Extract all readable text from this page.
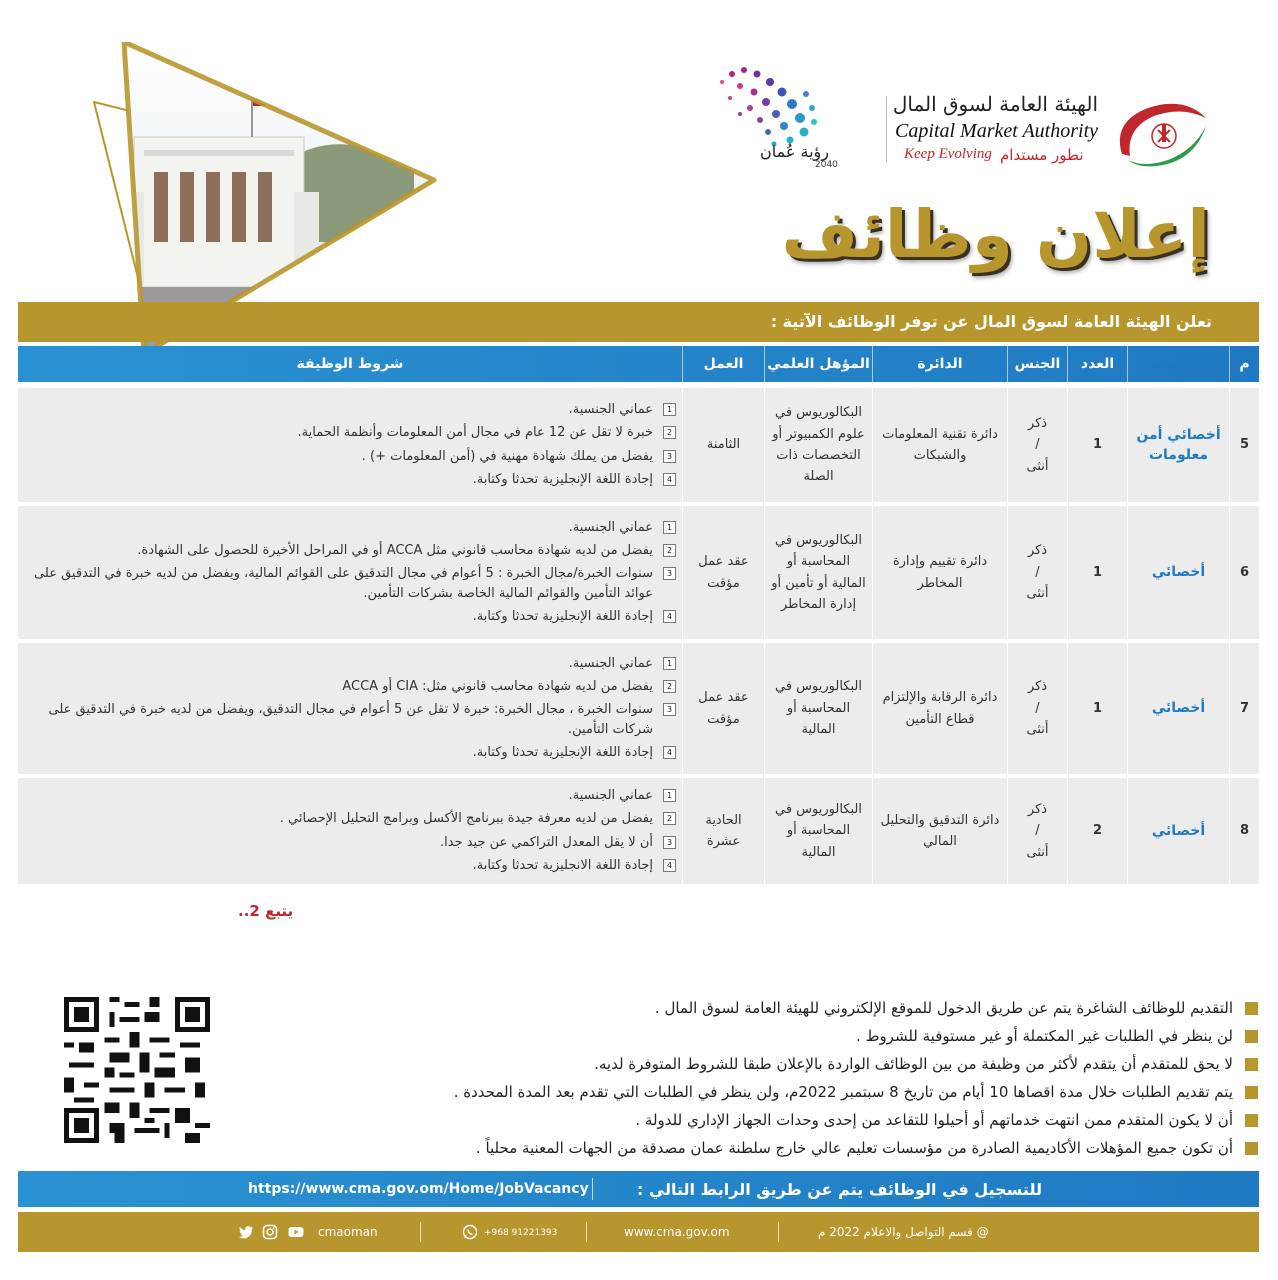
رؤية عُمان
2040
الهيئة العامة لسوق المال
Capital Market Authority
Keep Evolving نطور مستدام
إعلان وظائف
تعلن الهيئة العامة لسوق المال عن توفر الوظائف الآتية :
م
الوظيفة
العدد
الجنس
الدائرة
المؤهل العلمي
العمل
شروط الوظيفة
5
أخصائي أمن معلومات
1
ذكر
/
أنثى
دائرة تقنية المعلومات والشبكات
البكالوريوس في علوم الكمبيوتر أو التخصصات ذات الصلة
الثامنة
1
عماني الجنسية.
2
خبرة لا تقل عن 12 عام في مجال أمن المعلومات وأنظمة الحماية.
3
يفضل من يملك شهادة مهنية في (أمن المعلومات +) .
4
إجادة اللغة الإنجليزية تحدثا وكتابة.
6
أخصائي
1
ذكر
/
أنثى
دائرة تقييم وإدارة المخاطر
البكالوريوس في المحاسبة أو المالية أو تأمين أو إدارة المخاطر
عقد عمل مؤقت
1
عماني الجنسية.
2
يفضل من لديه شهادة محاسب قانوني مثل ACCA أو في المراحل الأخيرة للحصول على الشهادة.
3
سنوات الخبرة/مجال الخبرة : 5 أعوام في مجال التدقيق على القوائم المالية، ويفضل من لديه خبرة في التدقيق على عوائد التأمين والقوائم المالية الخاصة بشركات التأمين.
4
إجادة اللغة الإنجليزية تحدثا وكتابة.
7
أخصائي
1
ذكر
/
أنثى
دائرة الرقابة والإلتزام قطاع التأمين
البكالوريوس في المحاسبة أو المالية
عقد عمل مؤقت
1
عماني الجنسية.
2
يفضل من لديه شهادة محاسب قانوني مثل: CIA أو ACCA
3
سنوات الخبرة ، مجال الخبرة: خبرة لا تقل عن 5 أعوام في مجال التدقيق، ويفضل من لديه خبرة في التدقيق على شركات التأمين.
4
إجادة اللغة الإنجليزية تحدثا وكتابة.
8
أخصائي
2
ذكر
/
أنثى
دائرة التدقيق والتحليل المالي
البكالوريوس في المحاسبة أو المالية
الحادية عشرة
1
عماني الجنسية.
2
يفضل من لديه معرفة جيدة ببرنامج الأكسل وبرامج التحليل الإحصائي .
3
أن لا يقل المعدل التراكمي عن جيد جدا.
4
إجادة اللغة الانجليزية تحدثا وكتابة.
يتبع 2..
التقديم للوظائف الشاغرة يتم عن طريق الدخول للموقع الإلكتروني للهيئة العامة لسوق المال .
لن ينظر في الطلبات غير المكتملة أو غير مستوفية للشروط .
لا يحق للمتقدم أن يتقدم لأكثر من وظيفة من بين الوظائف الواردة بالإعلان طبقا للشروط المتوفرة لديه.
يتم تقديم الطلبات خلال مدة اقصاها 10 أيام من تاريخ 8 سبتمبر 2022م، ولن ينظر في الطلبات التي تقدم بعد المدة المحددة .
أن لا يكون المتقدم ممن انتهت خدماتهم أو أحيلوا للتقاعد من إحدى وحدات الجهاز الإداري للدولة .
أن تكون جميع المؤهلات الأكاديمية الصادرة من مؤسسات تعليم عالي خارج سلطنة عمان مصدقة من الجهات المعنية محلياً .
للتسجيل في الوظائف يتم عن طريق الرابط التالي :
https://www.cma.gov.om/Home/JobVacancy
@ قسم التواصل والاعلام 2022 م
www.cma.gov.om
+968 91221393
cmaoman
